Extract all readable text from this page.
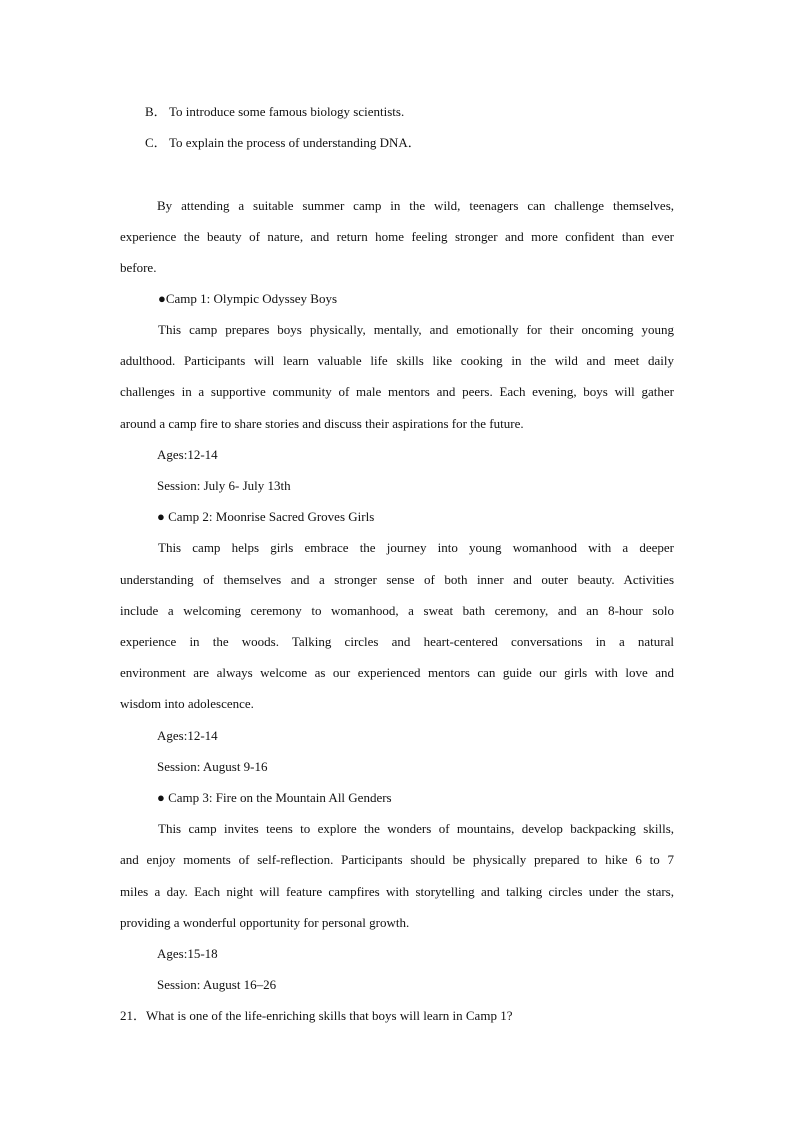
B． To introduce some famous biology scientists.
C． To explain the process of understanding DNA．
By attending a suitable summer camp in the wild, teenagers can challenge themselves,
experience the beauty of nature, and return home feeling stronger and more confident than ever
before.
●Camp 1: Olympic Odyssey Boys
This camp prepares boys physically, mentally, and emotionally for their oncoming young
adulthood. Participants will learn valuable life skills like cooking in the wild and meet daily
challenges in a supportive community of male mentors and peers. Each evening, boys will gather
around a camp fire to share stories and discuss their aspirations for the future.
Ages:12-14
Session: July 6- July 13th
● Camp 2: Moonrise Sacred Groves Girls
This camp helps girls embrace the journey into young womanhood with a deeper
understanding of themselves and a stronger sense of both inner and outer beauty. Activities
include a welcoming ceremony to womanhood, a sweat bath ceremony, and an 8-hour solo
experience in the woods. Talking circles and heart-centered conversations in a natural
environment are always welcome as our experienced mentors can guide our girls with love and
wisdom into adolescence.
Ages:12-14
Session: August 9-16
● Camp 3: Fire on the Mountain All Genders
This camp invites teens to explore the wonders of mountains, develop backpacking skills,
and enjoy moments of self-reflection. Participants should be physically prepared to hike 6 to 7
miles a day. Each night will feature campfires with storytelling and talking circles under the stars,
providing a wonderful opportunity for personal growth.
Ages:15-18
Session: August 16–26
21．What is one of the life-enriching skills that boys will learn in Camp 1?
